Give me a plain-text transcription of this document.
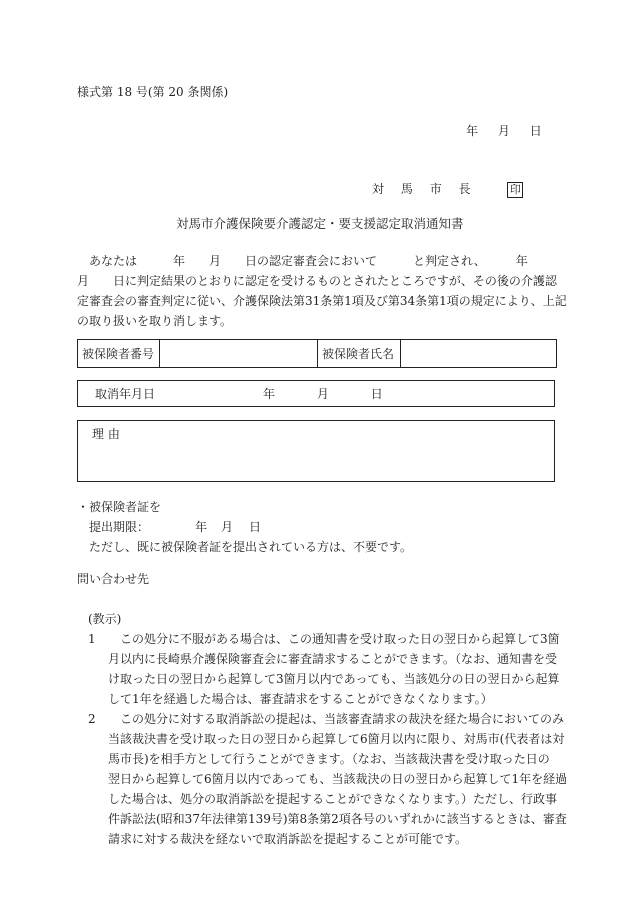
様式第 18 号(第 20 条関係)
年 月 日
対 馬 市 長	印
対馬市介護保険要介護認定・要支援認定取消通知書
　あなたは　　　年　　月　　日の認定審査会において　　　と判定され、　　　年
月　　日に判定結果のとおりに認定を受けるものとされたところですが、その後の介護認
定審査会の審査判定に従い、介護保険法第31条第1項及び第34条第1項の規定により、上記
の取り扱いを取り消します。
被保険者番号	被保険者氏名
取消年月日	年	月	日
理 由
・被保険者証を
提出期限：	年 月 日
ただし、既に被保険者証を提出されている方は、不要です。
問い合わせ先
(教示)
1	この処分に不服がある場合は、この通知書を受け取った日の翌日から起算して3箇
月以内に長崎県介護保険審査会に審査請求することができます。（なお、通知書を受
け取った日の翌日から起算して3箇月以内であっても、当該処分の日の翌日から起算
して1年を経過した場合は、審査請求をすることができなくなります。）
2	この処分に対する取消訴訟の提起は、当該審査請求の裁決を経た場合においてのみ
当該裁決書を受け取った日の翌日から起算して6箇月以内に限り、対馬市(代表者は対
馬市長)を相手方として行うことができます。（なお、当該裁決書を受け取った日の
翌日から起算して6箇月以内であっても、当該裁決の日の翌日から起算して1年を経過
した場合は、処分の取消訴訟を提起することができなくなります。）ただし、行政事
件訴訟法(昭和37年法律第139号)第8条第2項各号のいずれかに該当するときは、審査
請求に対する裁決を経ないで取消訴訟を提起することが可能です。
